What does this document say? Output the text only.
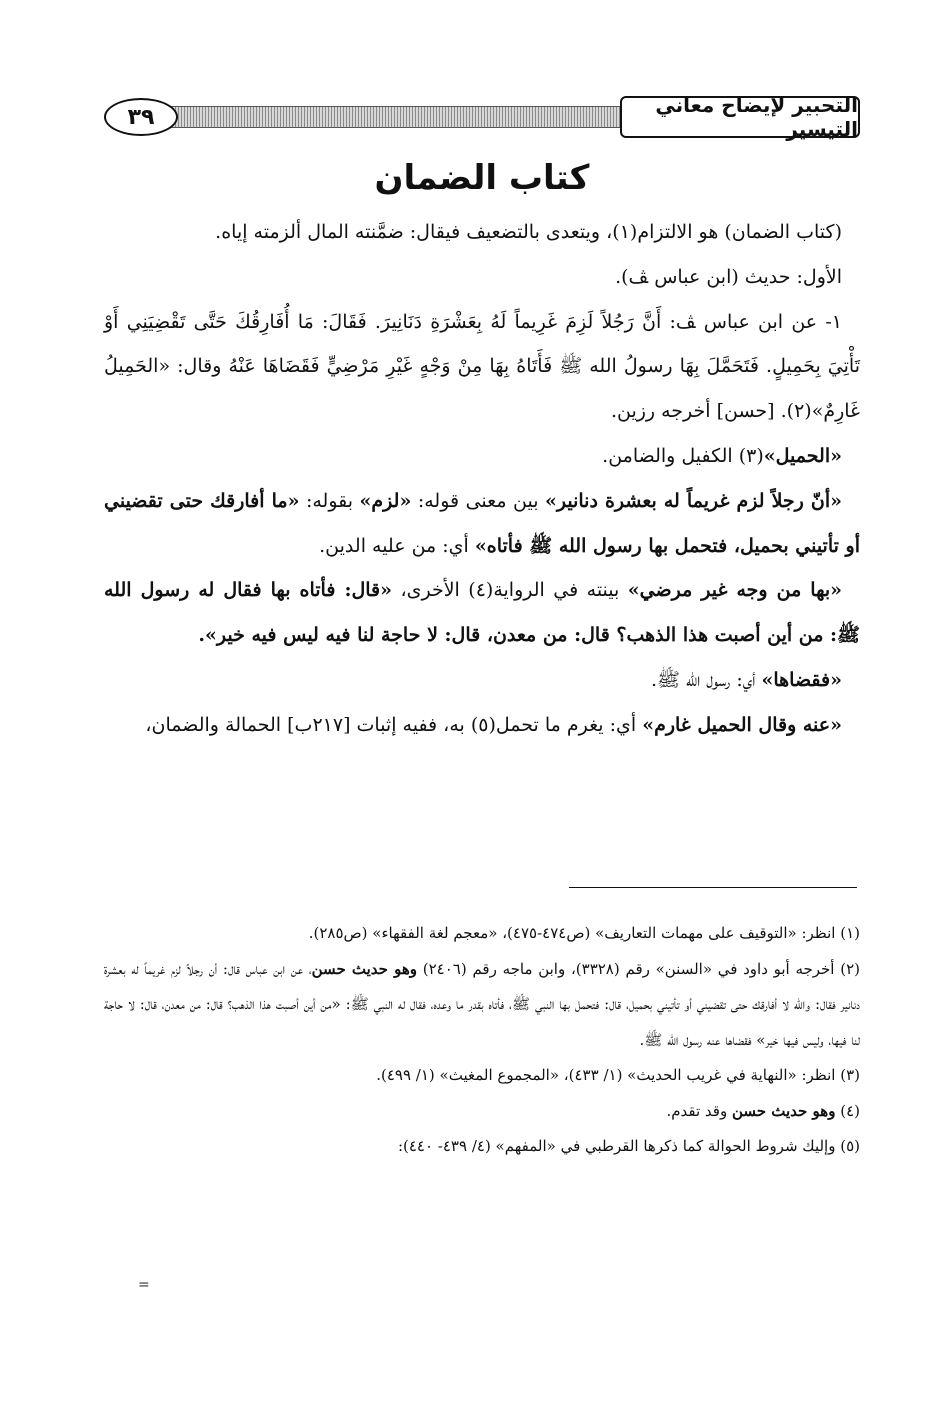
التحبير لإيضاح معاني التيسير
٣٩
كتاب الضمان

(كتاب الضمان) هو الالتزام(١)، ويتعدى بالتضعيف فيقال: ضمَّنته المال ألزمته إياه.

الأول: حديث (ابن عباس ﭫ).

١- عن ابن عباس ﭫ: أَنَّ رَجُلاً لَزِمَ غَرِيماً لَهُ بِعَشْرَةِ دَنَانِيرَ. فَقَالَ: مَا أُفَارِقُكَ حَتَّى تَقْضِيَنِي أَوْ تَأْتِيَ بِحَمِيلٍ. فَتَحَمَّلَ بِهَا رسولُ الله ﷺ فَأَتَاهُ بِهَا مِنْ وَجْهٍ غَيْرِ مَرْضِيٍّ فَقَضَاهَا عَنْهُ وقال: «الحَمِيلُ غَارِمٌ»(٢). [حسن] أخرجه رزين.

«الحميل»(٣) الكفيل والضامن.

«أنّ رجلاً لزم غريماً له بعشرة دنانير» بين معنى قوله: «لزم» بقوله: «ما أفارقك حتى تقضيني أو تأتيني بحميل، فتحمل بها رسول الله ﷺ فأتاه» أي: من عليه الدين.

«بها من وجه غير مرضي» بينته في الرواية(٤) الأخرى، «قال: فأتاه بها فقال له رسول الله ﷺ: من أين أصبت هذا الذهب؟ قال: من معدن، قال: لا حاجة لنا فيه ليس فيه خير».

«فقضاها» أي: رسول الله ﷺ.

«عنه وقال الحميل غارم» أي: يغرم ما تحمل(٥) به، ففيه إثبات [٢١٧ب] الحمالة والضمان،

(١) انظر: «التوقيف على مهمات التعاريف» (ص٤٧٤-٤٧٥)، «معجم لغة الفقهاء» (ص٢٨٥).

(٢) أخرجه أبو داود في «السنن» رقم (٣٣٢٨)، وابن ماجه رقم (٢٤٠٦) وهو حديث حسن، عن ابن عباس قال: أن رجلاً لزم غريماً له بعشرة دنانير فقال: والله لا أفارقك حتى تقضيني أو تأتيني بحميل، قال: فتحمل بها النبي ﷺ، فأتاه بقدر ما وعده، فقال له النبي ﷺ: «من أين أصبت هذا الذهب؟ قال: من معدن، قال: لا حاجة لنا فيها، وليس فيها خير» فقضاها عنه رسول الله ﷺ.

(٣) انظر: «النهاية في غريب الحديث» (١/ ٤٣٣)، «المجموع المغيث» (١/ ٤٩٩).

(٤) وهو حديث حسن وقد تقدم.

(٥) وإليك شروط الحوالة كما ذكرها القرطبي في «المفهم» (٤/ ٤٣٩- ٤٤٠):

=
